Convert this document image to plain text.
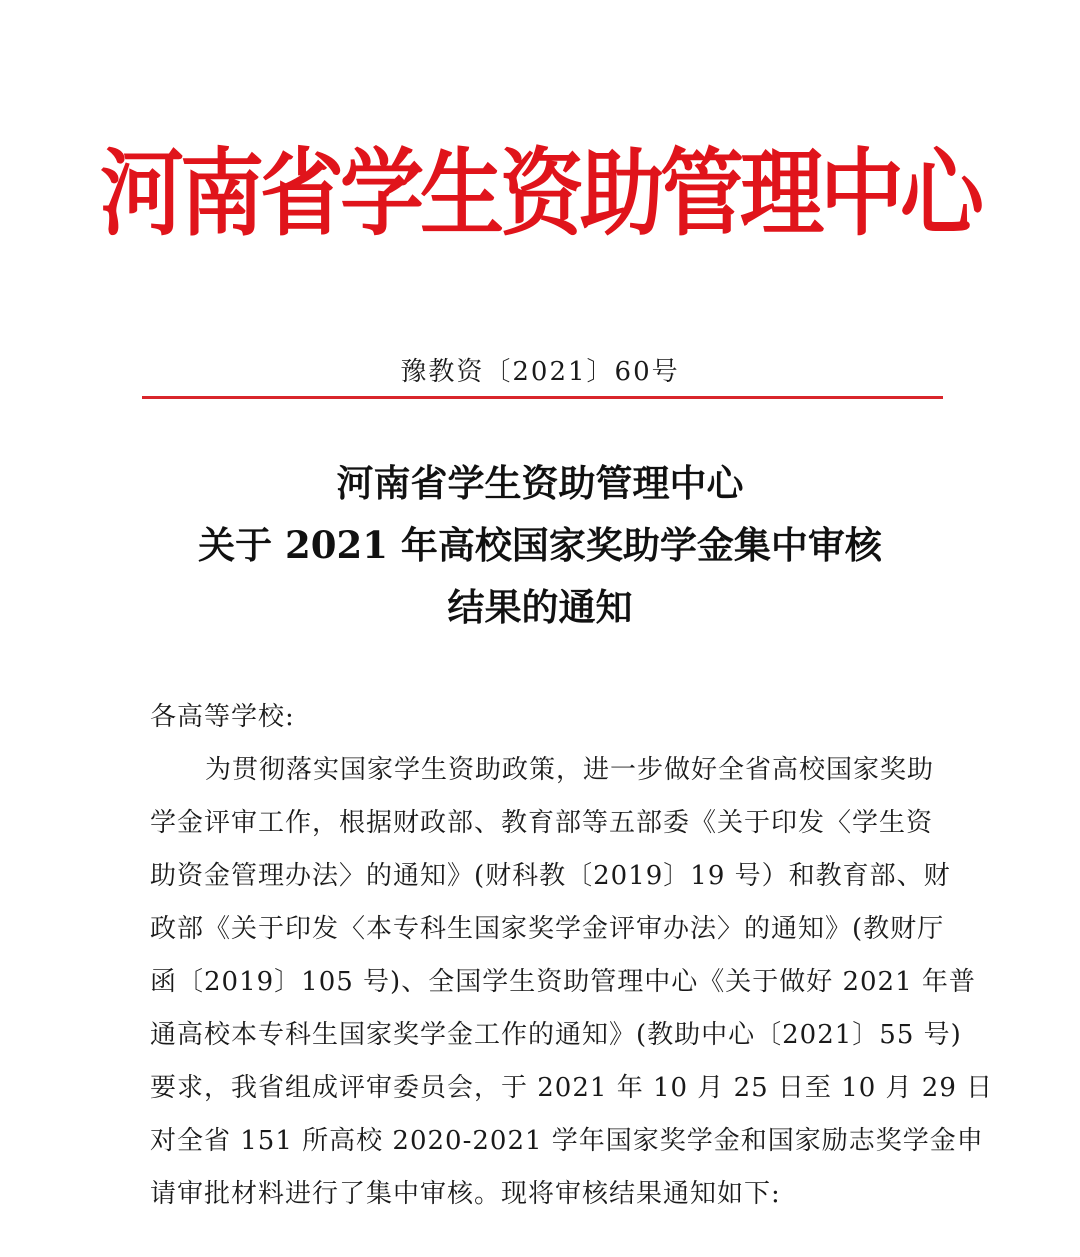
河南省学生资助管理中心
豫教资〔2021〕60号
河南省学生资助管理中心
关于 2021 年高校国家奖助学金集中审核
结果的通知
各高等学校:
为贯彻落实国家学生资助政策，进一步做好全省高校国家奖助
学金评审工作，根据财政部、教育部等五部委《关于印发〈学生资
助资金管理办法〉的通知》(财科教〔2019〕19 号）和教育部、财
政部《关于印发〈本专科生国家奖学金评审办法〉的通知》(教财厅
函〔2019〕105 号)、全国学生资助管理中心《关于做好 2021 年普
通高校本专科生国家奖学金工作的通知》(教助中心〔2021〕55 号)
要求，我省组成评审委员会，于 2021 年 10 月 25 日至 10 月 29 日
对全省 151 所高校 2020-2021 学年国家奖学金和国家励志奖学金申
请审批材料进行了集中审核。现将审核结果通知如下:
